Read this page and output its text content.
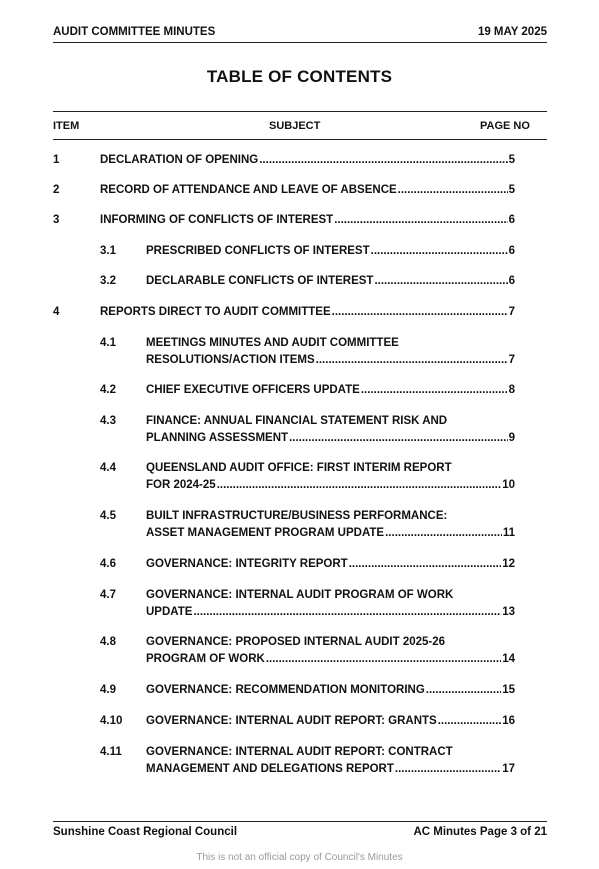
AUDIT COMMITTEE MINUTES	19 MAY 2025
TABLE OF CONTENTS
ITEM	SUBJECT	PAGE NO
1	DECLARATION OF OPENING .....	5
2	RECORD OF ATTENDANCE AND LEAVE OF ABSENCE .....	5
3	INFORMING OF CONFLICTS OF INTEREST .....	6
3.1	PRESCRIBED CONFLICTS OF INTEREST .....	6
3.2	DECLARABLE CONFLICTS OF INTEREST .....	6
4	REPORTS DIRECT TO AUDIT COMMITTEE .....	7
4.1	MEETINGS MINUTES AND AUDIT COMMITTEE
RESOLUTIONS/ACTION ITEMS .....	7
4.2	CHIEF EXECUTIVE OFFICERS UPDATE .....	8
4.3	FINANCE: ANNUAL FINANCIAL STATEMENT RISK AND
PLANNING ASSESSMENT .....	9
4.4	QUEENSLAND AUDIT OFFICE: FIRST INTERIM REPORT
FOR 2024-25 .....	10
4.5	BUILT INFRASTRUCTURE/BUSINESS PERFORMANCE:
ASSET MANAGEMENT PROGRAM UPDATE .....	11
4.6	GOVERNANCE: INTEGRITY REPORT .....	12
4.7	GOVERNANCE: INTERNAL AUDIT PROGRAM OF WORK
UPDATE .....	13
4.8	GOVERNANCE: PROPOSED INTERNAL AUDIT 2025-26
PROGRAM OF WORK .....	14
4.9	GOVERNANCE: RECOMMENDATION MONITORING .....	15
4.10 GOVERNANCE: INTERNAL AUDIT REPORT: GRANTS .....	16
4.11 GOVERNANCE: INTERNAL AUDIT REPORT: CONTRACT
MANAGEMENT AND DELEGATIONS REPORT .....	17
Sunshine Coast Regional Council	AC Minutes Page 3 of 21
This is not an official copy of Council's Minutes
